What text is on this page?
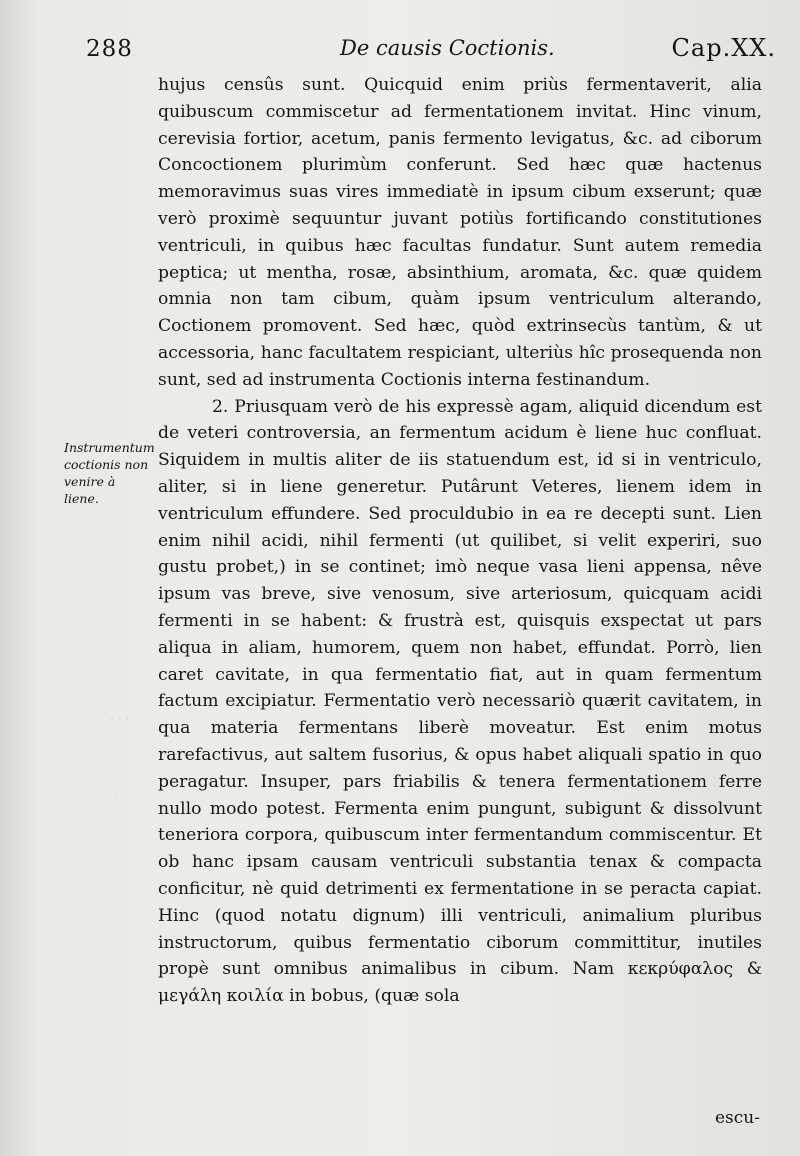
· · ·
· · ·
288	De causis Coctionis.	Cap.XX.
Instrumentum coctionis non venire à liene.

hujus censûs sunt. Quicquid enim priùs fermentaverit, alia quibuscum commiscetur ad fermentationem invitat. Hinc vinum, cerevisia fortior, acetum, panis fermento levigatus, &c. ad ciborum Concoctionem plurimùm conferunt. Sed hæc quæ hactenus memoravimus suas vires immediatè in ipsum cibum exserunt; quæ verò proximè sequuntur juvant potiùs fortificando constitutiones ventriculi, in quibus hæc facultas fundatur. Sunt autem remedia peptica; ut mentha, rosæ, absinthium, aromata, &c. quæ quidem omnia non tam cibum, quàm ipsum ventriculum alterando, Coctionem promovent. Sed hæc, quòd extrinsecùs tantùm, & ut accessoria, hanc facultatem respiciant, ulteriùs hîc prosequenda non sunt, sed ad instrumenta Coctionis interna festinandum.

2. Priusquam verò de his expressè agam, aliquid dicendum est de veteri controversia, an fermentum acidum è liene huc confluat. Siquidem in multis aliter de iis statuendum est, id si in ventriculo, aliter, si in liene generetur. Putârunt Veteres, lienem idem in ventriculum effundere. Sed proculdubio in ea re decepti sunt. Lien enim nihil acidi, nihil fermenti (ut quilibet, si velit experiri, suo gustu probet,) in se continet; imò neque vasa lieni appensa, nêve ipsum vas breve, sive venosum, sive arteriosum, quicquam acidi fermenti in se habent: & frustrà est, quisquis exspectat ut pars aliqua in aliam, humorem, quem non habet, effundat. Porrò, lien caret cavitate, in qua fermentatio fiat, aut in quam fermentum factum excipiatur. Fermentatio verò necessariò quærit cavitatem, in qua materia fermentans liberè moveatur. Est enim motus rarefactivus, aut saltem fusorius, & opus habet aliquali spatio in quo peragatur. Insuper, pars friabilis & tenera fermentationem ferre nullo modo potest. Fermenta enim pungunt, subigunt & dissolvunt teneriora corpora, quibuscum inter fermentandum commiscentur. Et ob hanc ipsam causam ventriculi substantia tenax & compacta conficitur, nè quid detrimenti ex fermentatione in se peracta capiat. Hinc (quod notatu dignum) illi ventriculi, animalium pluribus instructorum, quibus fermentatio ciborum committitur, inutiles propè sunt omnibus animalibus in cibum. Nam κεκρύφαλος & μεγάλη κοιλία in bobus, (quæ sola

escu-
